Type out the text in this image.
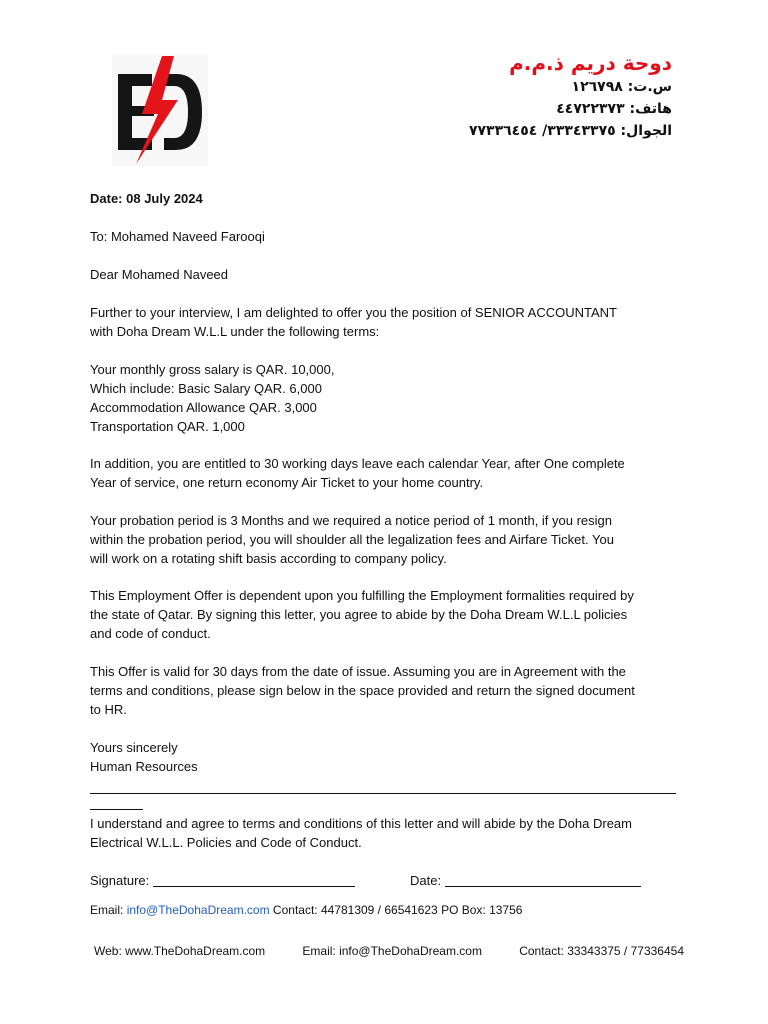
دوحة دريم ذ.م.م
س.ت: ١٢٦٧٩٨
هاتف: ٤٤٧٢٢٣٧٣
الجوال: ٣٣٣٤٣٣٧٥/ ٧٧٣٣٦٤٥٤
Date: 08 July 2024
To: Mohamed Naveed Farooqi
Dear Mohamed Naveed
Further to your interview, I am delighted to offer you the position of SENIOR ACCOUNTANT
with Doha Dream W.L.L under the following terms:
Your monthly gross salary is QAR. 10,000,
Which include: Basic Salary QAR. 6,000
Accommodation Allowance QAR. 3,000
Transportation QAR. 1,000
In addition, you are entitled to 30 working days leave each calendar Year, after One complete
Year of service, one return economy Air Ticket to your home country.
Your probation period is 3 Months and we required a notice period of 1 month, if you resign
within the probation period, you will shoulder all the legalization fees and Airfare Ticket. You
will work on a rotating shift basis according to company policy.
This Employment Offer is dependent upon you fulfilling the Employment formalities required by
the state of Qatar. By signing this letter, you agree to abide by the Doha Dream W.L.L policies
and code of conduct.
This Offer is valid for 30 days from the date of issue. Assuming you are in Agreement with the
terms and conditions, please sign below in the space provided and return the signed document
to HR.
Yours sincerely
Human Resources
I understand and agree to terms and conditions of this letter and will abide by the Doha Dream
Electrical W.L.L. Policies and Code of Conduct.
Signature:	Date:
Email: info@TheDohaDream.com Contact: 44781309 / 66541623 PO Box: 13756
Web: www.TheDohaDream.com	Email: info@TheDohaDream.com	Contact: 33343375 / 77336454
